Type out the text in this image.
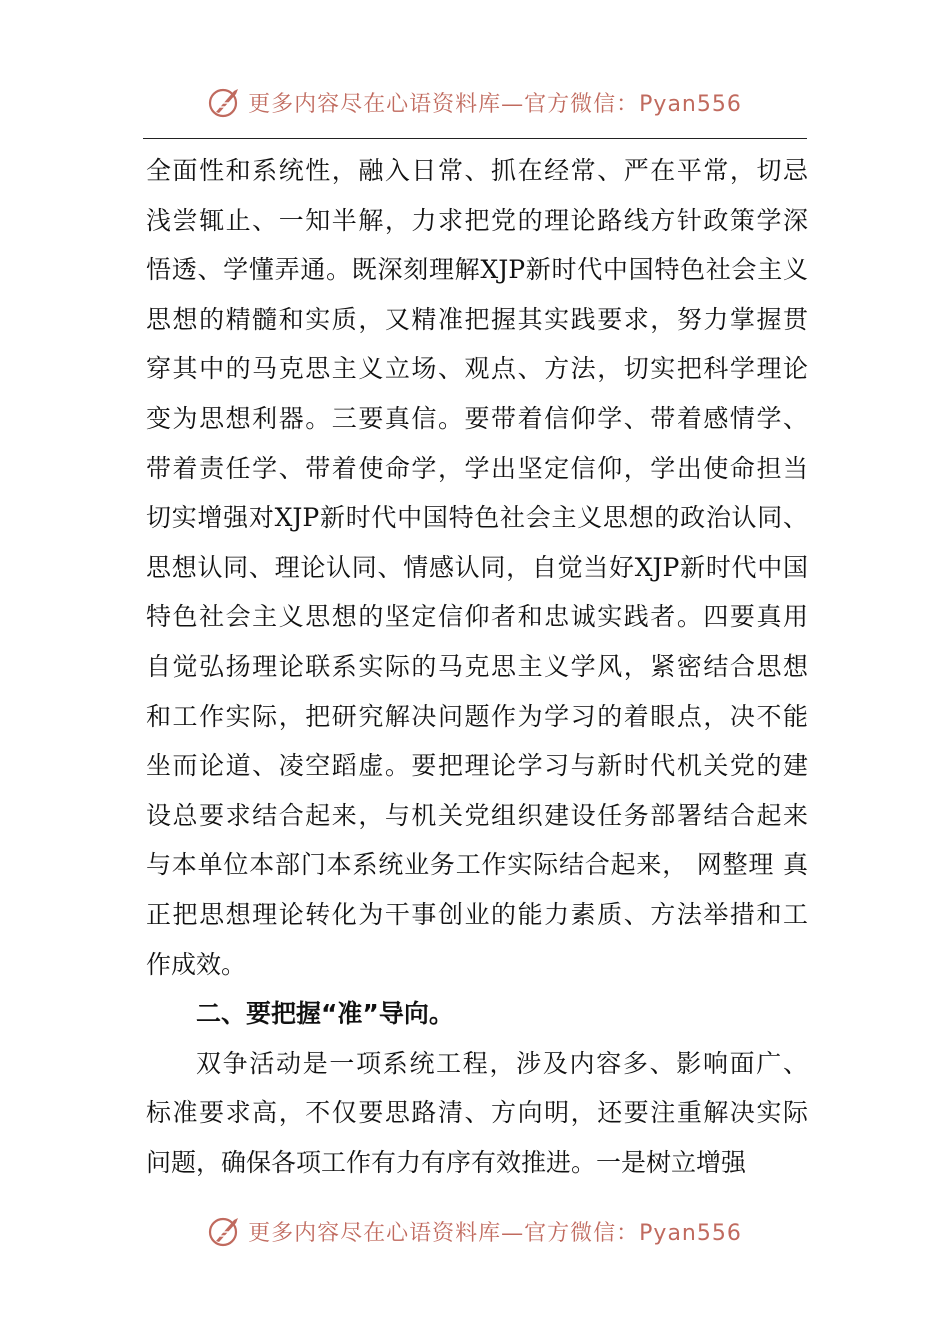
更多内容尽在心语资料库—官方微信：Pyan556
全面性和系统性，融入日常、抓在经常、严在平常，切忌
浅尝辄止、一知半解，力求把党的理论路线方针政策学深
悟透、学懂弄通。既深刻理解XJP新时代中国特色社会主义
思想的精髓和实质，又精准把握其实践要求，努力掌握贯
穿其中的马克思主义立场、观点、方法，切实把科学理论
变为思想利器。三要真信。要带着信仰学、带着感情学、
带着责任学、带着使命学，学出坚定信仰，学出使命担当
切实增强对XJP新时代中国特色社会主义思想的政治认同、
思想认同、理论认同、情感认同，自觉当好XJP新时代中国
特色社会主义思想的坚定信仰者和忠诚实践者。四要真用
自觉弘扬理论联系实际的马克思主义学风，紧密结合思想
和工作实际，把研究解决问题作为学习的着眼点，决不能
坐而论道、凌空蹈虚。要把理论学习与新时代机关党的建
设总要求结合起来，与机关党组织建设任务部署结合起来
与本单位本部门本系统业务工作实际结合起来， 网整理 真
正把思想理论转化为干事创业的能力素质、方法举措和工
作成效。
二、要把握“准”导向。
双争活动是一项系统工程，涉及内容多、影响面广、
标准要求高，不仅要思路清、方向明，还要注重解决实际
问题，确保各项工作有力有序有效推进。一是树立增强
更多内容尽在心语资料库—官方微信：Pyan556
